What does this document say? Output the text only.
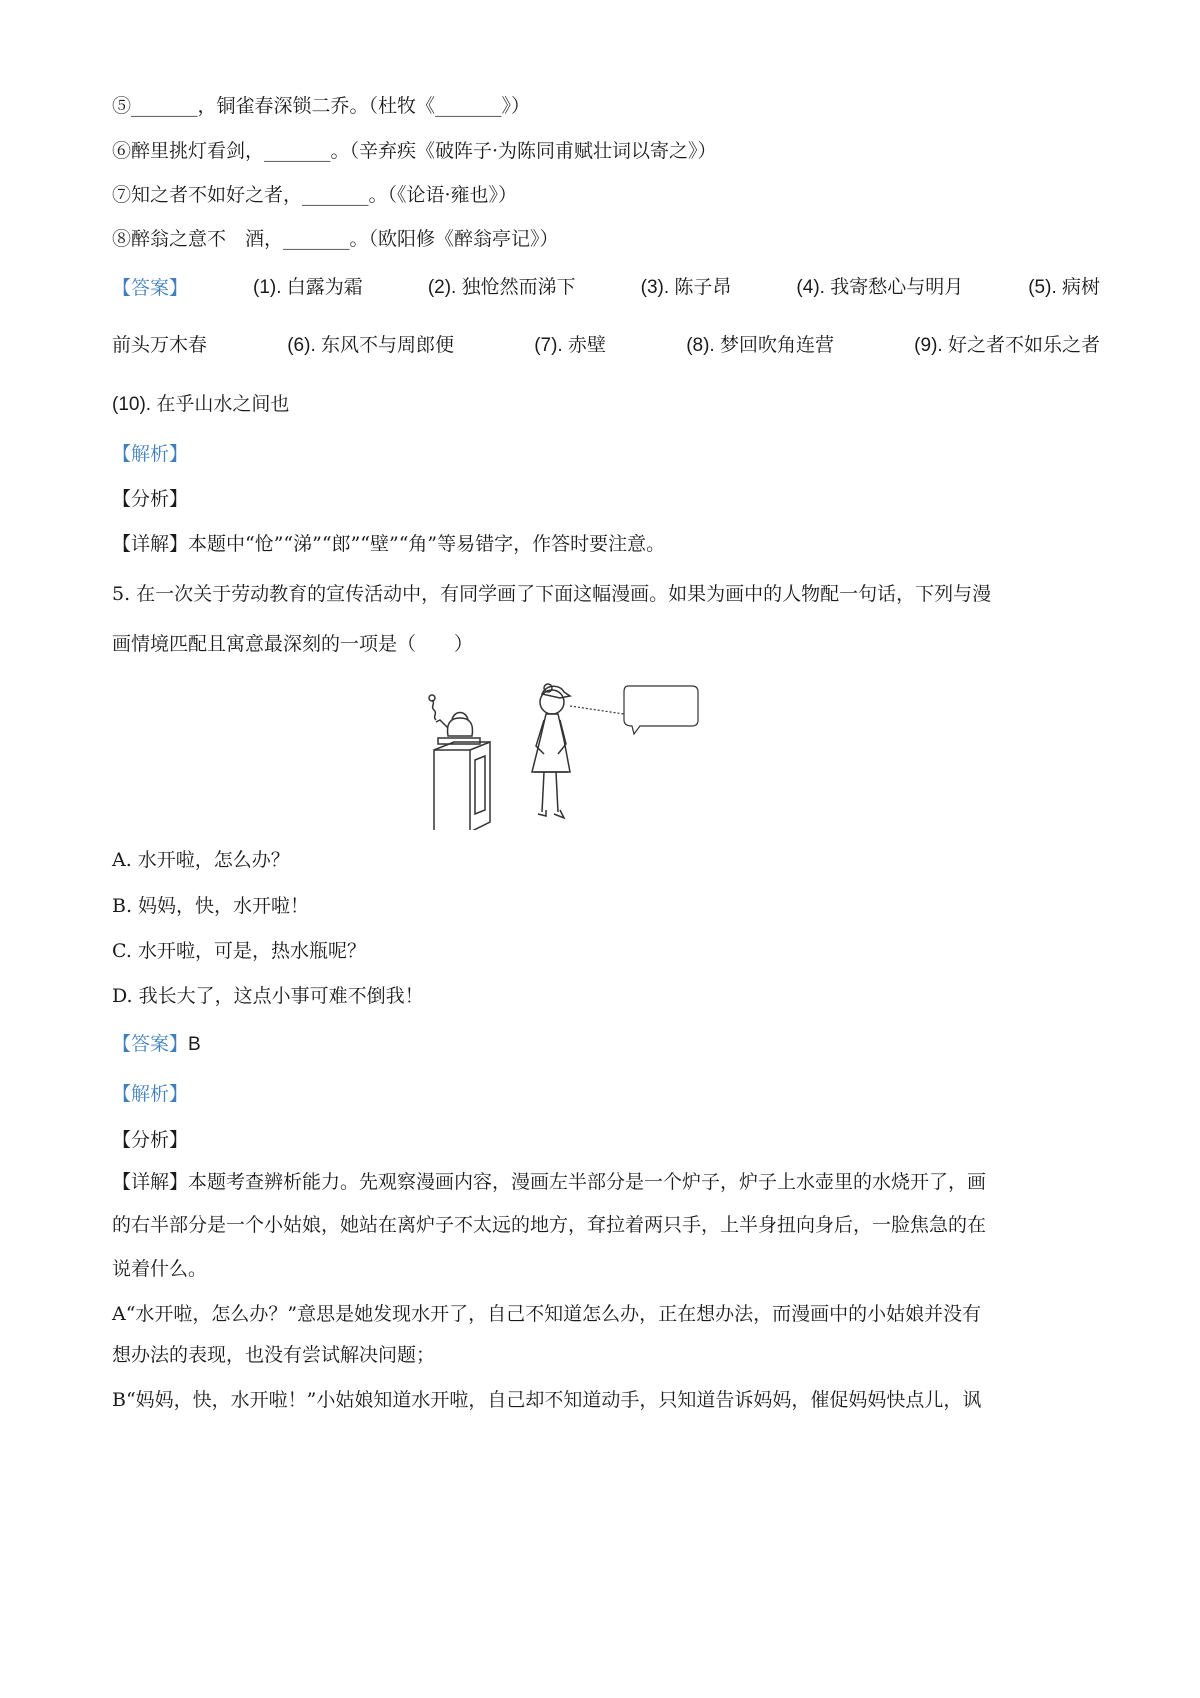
⑤_______，铜雀春深锁二乔。（杜牧《_______》）
⑥醉里挑灯看剑，_______。（辛弃疾《破阵子·为陈同甫赋壮词以寄之》）
⑦知之者不如好之者，_______。（《论语·雍也》）
⑧醉翁之意不　酒，_______。（欧阳修《醉翁亭记》）
【答案】	(1). 白露为霜	(2). 独怆然而涕下	(3). 陈子昂	(4). 我寄愁心与明月	(5). 病树
前头万木春	(6). 东风不与周郎便	(7). 赤壁	(8). 梦回吹角连营	(9). 好之者不如乐之者
(10). 在乎山水之间也
【解析】
【分析】
【详解】本题中“怆”“涕”“郎”“壁”“角”等易错字，作答时要注意。
5. 在一次关于劳动教育的宣传活动中，有同学画了下面这幅漫画。如果为画中的人物配一句话，下列与漫
画情境匹配且寓意最深刻的一项是（　　）
A. 水开啦，怎么办？
B. 妈妈，快，水开啦！
C. 水开啦，可是，热水瓶呢？
D. 我长大了，这点小事可难不倒我！
【答案】B
【解析】
【分析】
【详解】本题考查辨析能力。先观察漫画内容，漫画左半部分是一个炉子，炉子上水壶里的水烧开了，画
的右半部分是一个小姑娘，她站在离炉子不太远的地方，耷拉着两只手，上半身扭向身后，一脸焦急的在
说着什么。
A“水开啦，怎么办？”意思是她发现水开了，自己不知道怎么办，正在想办法，而漫画中的小姑娘并没有
想办法的表现，也没有尝试解决问题；
B“妈妈，快，水开啦！”小姑娘知道水开啦，自己却不知道动手，只知道告诉妈妈，催促妈妈快点儿，讽
